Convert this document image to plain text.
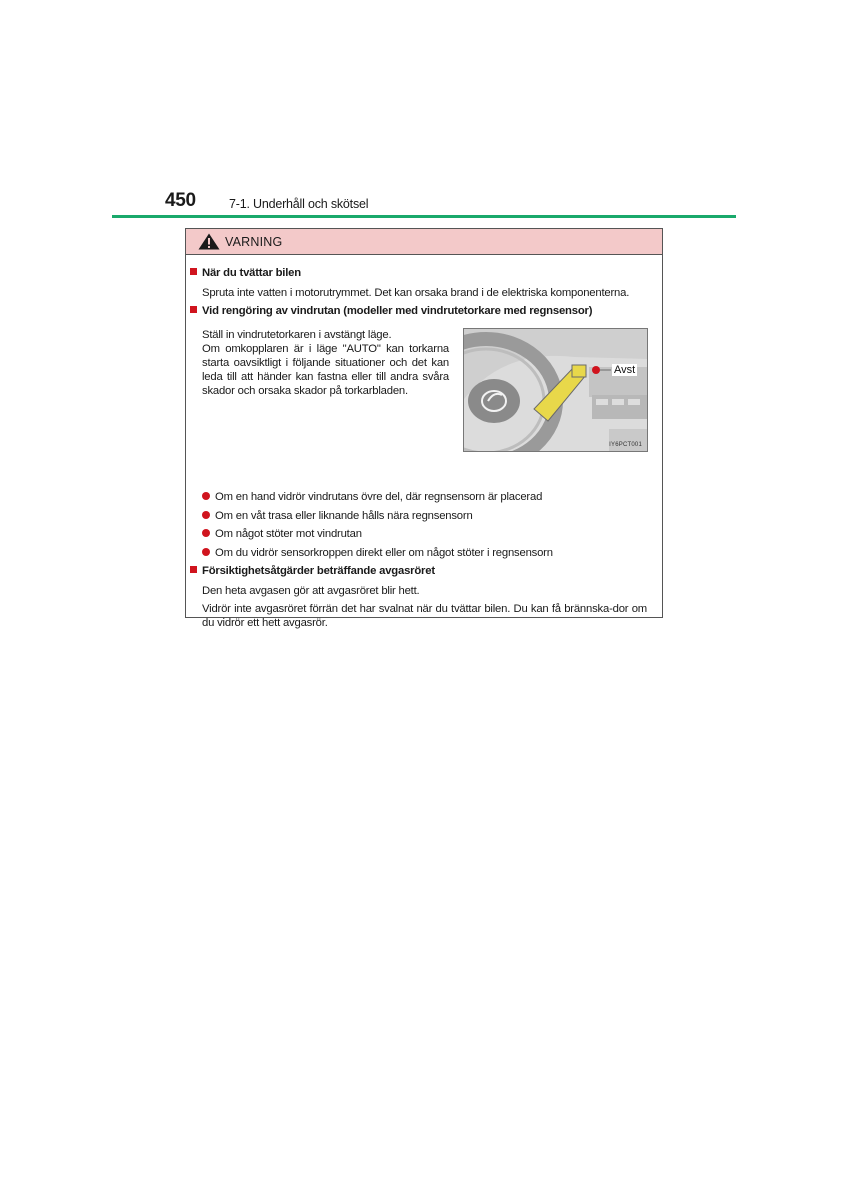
450	7-1. Underhåll och skötsel
VARNING
När du tvättar bilen
Spruta inte vatten i motorutrymmet. Det kan orsaka brand i de elektriska komponenterna.
Vid rengöring av vindrutan (modeller med vindrutetorkare med regnsensor)
Ställ in vindrutetorkaren i avstängt läge.
Om omkopplaren är i läge "AUTO" kan torkarna starta oavsiktligt i följande situationer och det kan leda till att händer kan fastna eller till andra svåra skador och orsaka skador på torkarbladen.
Avst
IY6PCT001
Om en hand vidrör vindrutans övre del, där regnsensorn är placerad
Om en våt trasa eller liknande hålls nära regnsensorn
Om något stöter mot vindrutan
Om du vidrör sensorkroppen direkt eller om något stöter i regnsensorn
Försiktighetsåtgärder beträffande avgasröret
Den heta avgasen gör att avgasröret blir hett.
Vidrör inte avgasröret förrän det har svalnat när du tvättar bilen. Du kan få brännska-dor om du vidrör ett hett avgasrör.
